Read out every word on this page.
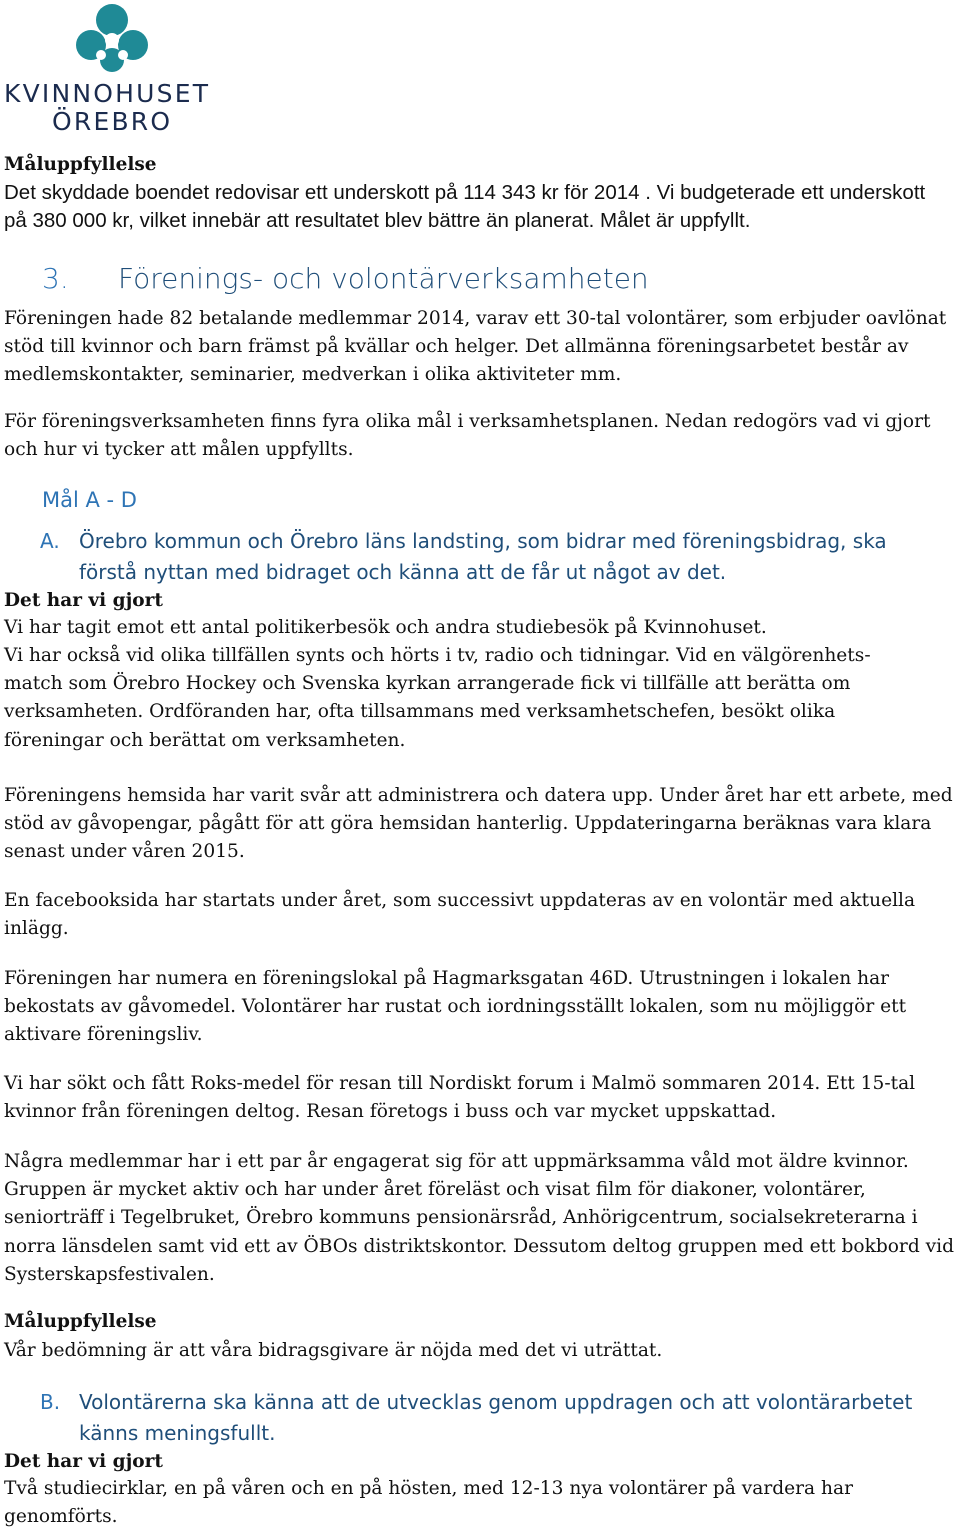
KVINNOHUSET
ÖREBRO
Måluppfyllelse
Det skyddade boendet redovisar ett underskott på 114 343 kr för 2014 . Vi budgeterade ett underskott på 380 000 kr, vilket innebär att resultatet blev bättre än planerat. Målet är uppfyllt.
3. Förenings- och volontärverksamheten
Föreningen hade 82 betalande medlemmar 2014, varav ett 30-tal volontärer, som erbjuder oavlönat stöd till kvinnor och barn främst på kvällar och helger. Det allmänna föreningsarbetet består av medlemskontakter, seminarier, medverkan i olika aktiviteter mm.
För föreningsverksamheten finns fyra olika mål i verksamhetsplanen. Nedan redogörs vad vi gjort och hur vi tycker att målen uppfyllts.
Mål A - D
A. Örebro kommun och Örebro läns landsting, som bidrar med föreningsbidrag, ska förstå nyttan med bidraget och känna att de får ut något av det.
Det har vi gjort
Vi har tagit emot ett antal politikerbesök och andra studiebesök på Kvinnohuset.
Vi har också vid olika tillfällen synts och hörts i tv, radio och tidningar. Vid en välgörenhets-match som Örebro Hockey och Svenska kyrkan arrangerade fick vi tillfälle att berätta om verksamheten. Ordföranden har, ofta tillsammans med verksamhetschefen, besökt olika föreningar och berättat om verksamheten.
Föreningens hemsida har varit svår att administrera och datera upp. Under året har ett arbete, med stöd av gåvopengar, pågått för att göra hemsidan hanterlig. Uppdateringarna beräknas vara klara senast under våren 2015.
En facebooksida har startats under året, som successivt uppdateras av en volontär med aktuella inlägg.
Föreningen har numera en föreningslokal på Hagmarksgatan 46D. Utrustningen i lokalen har bekostats av gåvomedel. Volontärer har rustat och iordningsställt lokalen, som nu möjliggör ett aktivare föreningsliv.
Vi har sökt och fått Roks-medel för resan till Nordiskt forum i Malmö sommaren 2014. Ett 15-tal kvinnor från föreningen deltog. Resan företogs i buss och var mycket uppskattad.
Några medlemmar har i ett par år engagerat sig för att uppmärksamma våld mot äldre kvinnor. Gruppen är mycket aktiv och har under året föreläst och visat film för diakoner, volontärer, seniorträff i Tegelbruket, Örebro kommuns pensionärsråd, Anhörigcentrum, socialsekreterarna i norra länsdelen samt vid ett av ÖBOs distriktskontor. Dessutom deltog gruppen med ett bokbord vid Systerskapsfestivalen.
Måluppfyllelse
Vår bedömning är att våra bidragsgivare är nöjda med det vi uträttat.
B. Volontärerna ska känna att de utvecklas genom uppdragen och att volontärarbetet känns meningsfullt.
Det har vi gjort
Två studiecirklar, en på våren och en på hösten, med 12-13 nya volontärer på vardera har genomförts.
